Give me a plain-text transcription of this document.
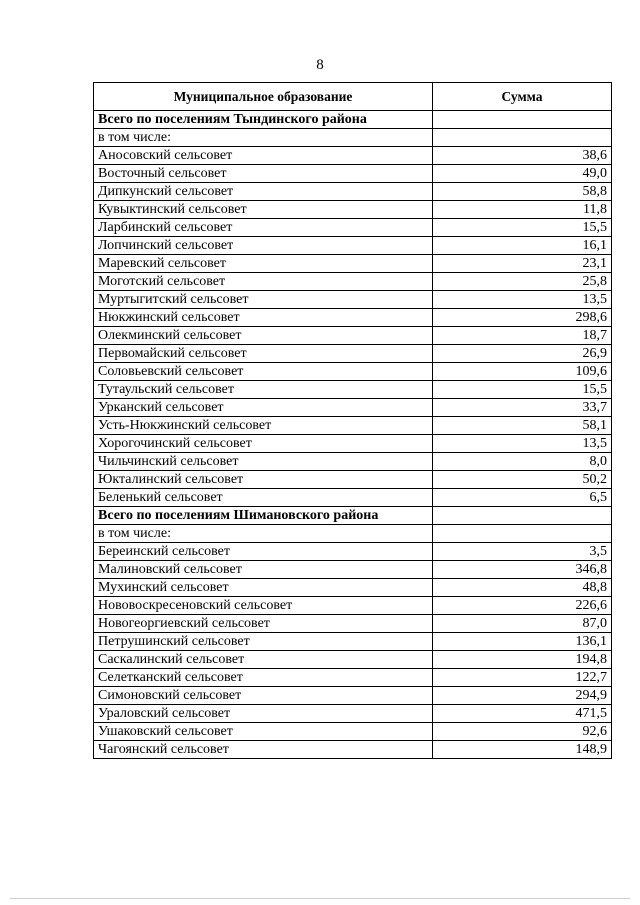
8
Муниципальное образование	Сумма
Всего по поселениям Тындинского района	
в том числе:	
Аносовский сельсовет	38,6
Восточный сельсовет	49,0
Дипкунский сельсовет	58,8
Кувыктинский сельсовет	11,8
Ларбинский сельсовет	15,5
Лопчинский сельсовет	16,1
Маревский сельсовет	23,1
Моготский сельсовет	25,8
Муртыгитский сельсовет	13,5
Нюкжинский сельсовет	298,6
Олекминский сельсовет	18,7
Первомайский сельсовет	26,9
Соловьевский сельсовет	109,6
Тутаульский сельсовет	15,5
Урканский сельсовет	33,7
Усть-Нюкжинский сельсовет	58,1
Хорогочинский сельсовет	13,5
Чильчинский сельсовет	8,0
Юкталинский сельсовет	50,2
Беленький сельсовет	6,5
Всего по поселениям Шимановского района	
в том числе:	
Береинский сельсовет	3,5
Малиновский сельсовет	346,8
Мухинский сельсовет	48,8
Нововоскресеновский сельсовет	226,6
Новогеоргиевский сельсовет	87,0
Петрушинский сельсовет	136,1
Саскалинский сельсовет	194,8
Селетканский сельсовет	122,7
Симоновский сельсовет	294,9
Ураловский сельсовет	471,5
Ушаковский сельсовет	92,6
Чагоянский сельсовет	148,9
